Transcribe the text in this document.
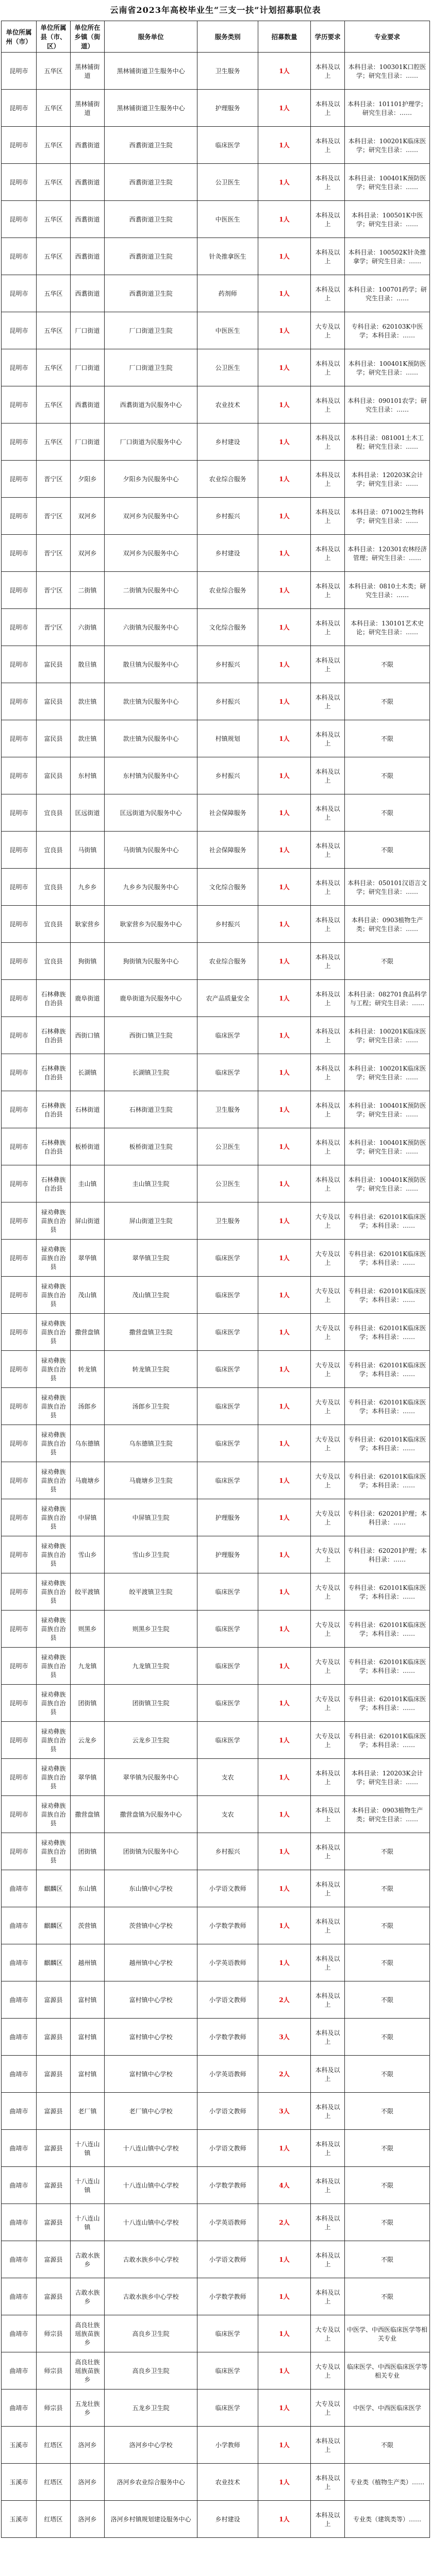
云南省2023年高校毕业生“三支一扶”计划招募职位表
单位所属州（市）	单位所属县（市、区）	单位所在乡镇（街道）	服务单位	服务类别	招募数量	学历要求	专业要求
昆明市	五华区	黑林铺街道	黑林铺街道卫生服务中心	卫生服务	1人	本科及以上	本科目录：100301K口腔医学；研究生目录：……
昆明市	五华区	黑林铺街道	黑林铺街道卫生服务中心	护理服务	1人	本科及以上	本科目录：101101护理学；研究生目录：……
昆明市	五华区	西翥街道	西翥街道卫生院	临床医学	1人	本科及以上	本科目录：100201K临床医学；研究生目录：……
昆明市	五华区	西翥街道	西翥街道卫生院	公卫医生	1人	本科及以上	本科目录：100401K预防医学；研究生目录：……
昆明市	五华区	西翥街道	西翥街道卫生院	中医医生	1人	本科及以上	本科目录：100501K中医学；研究生目录：……
昆明市	五华区	西翥街道	西翥街道卫生院	针灸推拿医生	1人	本科及以上	本科目录：100502K针灸推拿学；研究生目录：……
昆明市	五华区	西翥街道	西翥街道卫生院	药剂师	1人	本科及以上	本科目录：100701药学；研究生目录：……
昆明市	五华区	厂口街道	厂口街道卫生院	中医医生	1人	大专及以上	专科目录：620103K中医学；本科目录：……
昆明市	五华区	厂口街道	厂口街道卫生院	公卫医生	1人	本科及以上	本科目录：100401K预防医学；研究生目录：……
昆明市	五华区	西翥街道	西翥街道为民服务中心	农业技术	1人	本科及以上	本科目录：090101农学；研究生目录：……
昆明市	五华区	厂口街道	厂口街道为民服务中心	乡村建设	1人	本科及以上	本科目录：081001土木工程；研究生目录：……
昆明市	晋宁区	夕阳乡	夕阳乡为民服务中心	农业综合服务	1人	本科及以上	本科目录：120203K会计学；研究生目录：……
昆明市	晋宁区	双河乡	双河乡为民服务中心	乡村振兴	1人	本科及以上	本科目录：071002生物科学；研究生目录：……
昆明市	晋宁区	双河乡	双河乡为民服务中心	乡村建设	1人	本科及以上	本科目录：120301农林经济管理；研究生目录：……
昆明市	晋宁区	二街镇	二街镇为民服务中心	农业综合服务	1人	本科及以上	本科目录：0810土木类；研究生目录：……
昆明市	晋宁区	六街镇	六街镇为民服务中心	文化综合服务	1人	本科及以上	本科目录：130101艺术史论；研究生目录：……
昆明市	富民县	散旦镇	散旦镇为民服务中心	乡村振兴	1人	本科及以上	不限
昆明市	富民县	款庄镇	款庄镇为民服务中心	乡村振兴	1人	本科及以上	不限
昆明市	富民县	款庄镇	款庄镇为民服务中心	村镇规划	1人	本科及以上	不限
昆明市	富民县	东村镇	东村镇为民服务中心	乡村振兴	1人	本科及以上	不限
昆明市	宜良县	匡远街道	匡远街道为民服务中心	社会保障服务	1人	本科及以上	不限
昆明市	宜良县	马街镇	马街镇为民服务中心	社会保障服务	1人	本科及以上	不限
昆明市	宜良县	九乡乡	九乡乡为民服务中心	文化综合服务	1人	本科及以上	本科目录：050101汉语言文学；研究生目录：……
昆明市	宜良县	耿家营乡	耿家营乡为民服务中心	乡村振兴	1人	本科及以上	本科目录：0903植物生产类；研究生目录：……
昆明市	宜良县	狗街镇	狗街镇为民服务中心	农业综合服务	1人	本科及以上	不限
昆明市	石林彝族自治县	鹿阜街道	鹿阜街道为民服务中心	农产品质量安全	1人	本科及以上	本科目录：082701食品科学与工程；研究生目录：……
昆明市	石林彝族自治县	西街口镇	西街口镇卫生院	临床医学	1人	本科及以上	本科目录：100201K临床医学；研究生目录：……
昆明市	石林彝族自治县	长湖镇	长湖镇卫生院	临床医学	1人	本科及以上	本科目录：100201K临床医学；研究生目录：……
昆明市	石林彝族自治县	石林街道	石林街道卫生院	卫生服务	1人	本科及以上	本科目录：100401K预防医学；研究生目录：……
昆明市	石林彝族自治县	板桥街道	板桥街道卫生院	公卫医生	1人	本科及以上	本科目录：100401K预防医学；研究生目录：……
昆明市	石林彝族自治县	圭山镇	圭山镇卫生院	公卫医生	1人	本科及以上	本科目录：100401K预防医学；研究生目录：……
昆明市	禄劝彝族苗族自治县	屏山街道	屏山街道卫生院	卫生服务	1人	大专及以上	专科目录：620101K临床医学；本科目录：……
昆明市	禄劝彝族苗族自治县	翠华镇	翠华镇卫生院	临床医学	1人	大专及以上	专科目录：620101K临床医学；本科目录：……
昆明市	禄劝彝族苗族自治县	茂山镇	茂山镇卫生院	临床医学	1人	大专及以上	专科目录：620101K临床医学；本科目录：……
昆明市	禄劝彝族苗族自治县	撒营盘镇	撒营盘镇卫生院	临床医学	1人	大专及以上	专科目录：620101K临床医学；本科目录：……
昆明市	禄劝彝族苗族自治县	转龙镇	转龙镇卫生院	临床医学	1人	大专及以上	专科目录：620101K临床医学；本科目录：……
昆明市	禄劝彝族苗族自治县	汤郎乡	汤郎乡卫生院	临床医学	1人	大专及以上	专科目录：620101K临床医学；本科目录：……
昆明市	禄劝彝族苗族自治县	乌东德镇	乌东德镇卫生院	临床医学	1人	大专及以上	专科目录：620101K临床医学；本科目录：……
昆明市	禄劝彝族苗族自治县	马鹿塘乡	马鹿塘乡卫生院	临床医学	1人	大专及以上	专科目录：620101K临床医学；本科目录：……
昆明市	禄劝彝族苗族自治县	中屏镇	中屏镇卫生院	护理服务	1人	大专及以上	专科目录：620201护理；本科目录：……
昆明市	禄劝彝族苗族自治县	雪山乡	雪山乡卫生院	护理服务	1人	大专及以上	专科目录：620201护理；本科目录：……
昆明市	禄劝彝族苗族自治县	皎平渡镇	皎平渡镇卫生院	临床医学	1人	大专及以上	专科目录：620101K临床医学；本科目录：……
昆明市	禄劝彝族苗族自治县	则黑乡	则黑乡卫生院	临床医学	1人	大专及以上	专科目录：620101K临床医学；本科目录：……
昆明市	禄劝彝族苗族自治县	九龙镇	九龙镇卫生院	临床医学	1人	大专及以上	专科目录：620101K临床医学；本科目录：……
昆明市	禄劝彝族苗族自治县	团街镇	团街镇卫生院	临床医学	1人	大专及以上	专科目录：620101K临床医学；本科目录：……
昆明市	禄劝彝族苗族自治县	云龙乡	云龙乡卫生院	临床医学	1人	大专及以上	专科目录：620101K临床医学；本科目录：……
昆明市	禄劝彝族苗族自治县	翠华镇	翠华镇为民服务中心	支农	1人	本科及以上	本科目录：120203K会计学；研究生目录：……
昆明市	禄劝彝族苗族自治县	撒营盘镇	撒营盘镇为民服务中心	支农	1人	本科及以上	本科目录：0903植物生产类；研究生目录：……
昆明市	禄劝彝族苗族自治县	团街镇	团街镇为民服务中心	乡村振兴	1人	本科及以上	不限
曲靖市	麒麟区	东山镇	东山镇中心学校	小学语文教师	1人	本科及以上	不限
曲靖市	麒麟区	茨营镇	茨营镇中心学校	小学数学教师	1人	本科及以上	不限
曲靖市	麒麟区	越州镇	越州镇中心学校	小学英语教师	1人	本科及以上	不限
曲靖市	富源县	富村镇	富村镇中心学校	小学语文教师	2人	本科及以上	不限
曲靖市	富源县	富村镇	富村镇中心学校	小学数学教师	3人	本科及以上	不限
曲靖市	富源县	富村镇	富村镇中心学校	小学英语教师	2人	本科及以上	不限
曲靖市	富源县	老厂镇	老厂镇中心学校	小学语文教师	3人	本科及以上	不限
曲靖市	富源县	十八连山镇	十八连山镇中心学校	小学语文教师	1人	本科及以上	不限
曲靖市	富源县	十八连山镇	十八连山镇中心学校	小学数学教师	4人	本科及以上	不限
曲靖市	富源县	十八连山镇	十八连山镇中心学校	小学英语教师	2人	本科及以上	不限
曲靖市	富源县	古敢水族乡	古敢水族乡中心学校	小学语文教师	1人	本科及以上	不限
曲靖市	富源县	古敢水族乡	古敢水族乡中心学校	小学数学教师	1人	本科及以上	不限
曲靖市	师宗县	高良壮族瑶族苗族乡	高良乡卫生院	临床医学	1人	大专及以上	中医学、中西医临床医学等相关专业
曲靖市	师宗县	高良壮族瑶族苗族乡	高良乡卫生院	临床医学	1人	大专及以上	临床医学、中西医临床医学等相关专业
曲靖市	师宗县	五龙壮族乡	五龙乡卫生院	临床医学	1人	大专及以上	中医学、中西医临床医学
玉溪市	红塔区	洛河乡	洛河乡中心学校	小学教师	1人	本科及以上	不限
玉溪市	红塔区	洛河乡	洛河乡农业综合服务中心	农业技术	1人	本科及以上	专业类（植物生产类）……
玉溪市	红塔区	洛河乡	洛河乡村镇规划建设服务中心	乡村建设	1人	本科及以上	专业类（建筑类等）……
